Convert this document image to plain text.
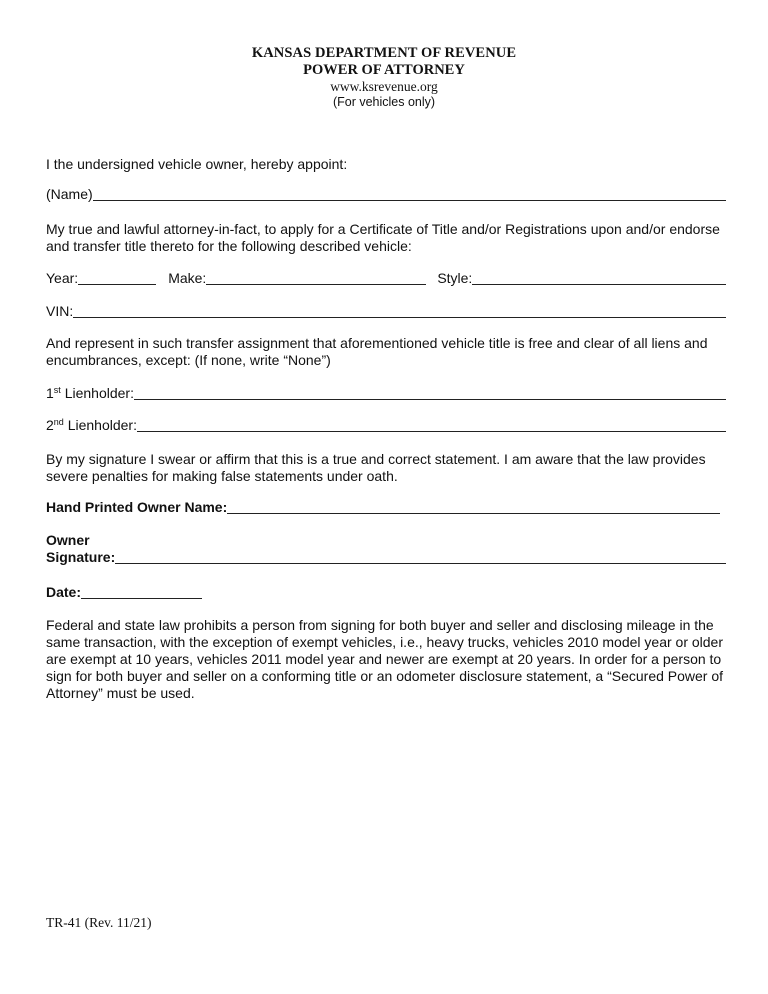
KANSAS DEPARTMENT OF REVENUE
POWER OF ATTORNEY
www.ksrevenue.org
(For vehicles only)
I the undersigned vehicle owner, hereby appoint:
(Name)
My true and lawful attorney-in-fact, to apply for a Certificate of Title and/or Registrations upon and/or endorse and transfer title thereto for the following described vehicle:
Year:	Make:	Style:
VIN:
And represent in such transfer assignment that aforementioned vehicle title is free and clear of all liens and encumbrances, except: (If none, write “None”)
1st Lienholder:
2nd Lienholder:
By my signature I swear or affirm that this is a true and correct statement. I am aware that the law provides severe penalties for making false statements under oath.
Hand Printed Owner Name:
Owner
Signature:
Date:
Federal and state law prohibits a person from signing for both buyer and seller and disclosing mileage in the same transaction, with the exception of exempt vehicles, i.e., heavy trucks, vehicles 2010 model year or older are exempt at 10 years, vehicles 2011 model year and newer are exempt at 20 years. In order for a person to sign for both buyer and seller on a conforming title or an odometer disclosure statement, a “Secured Power of Attorney” must be used.
TR-41 (Rev. 11/21)
